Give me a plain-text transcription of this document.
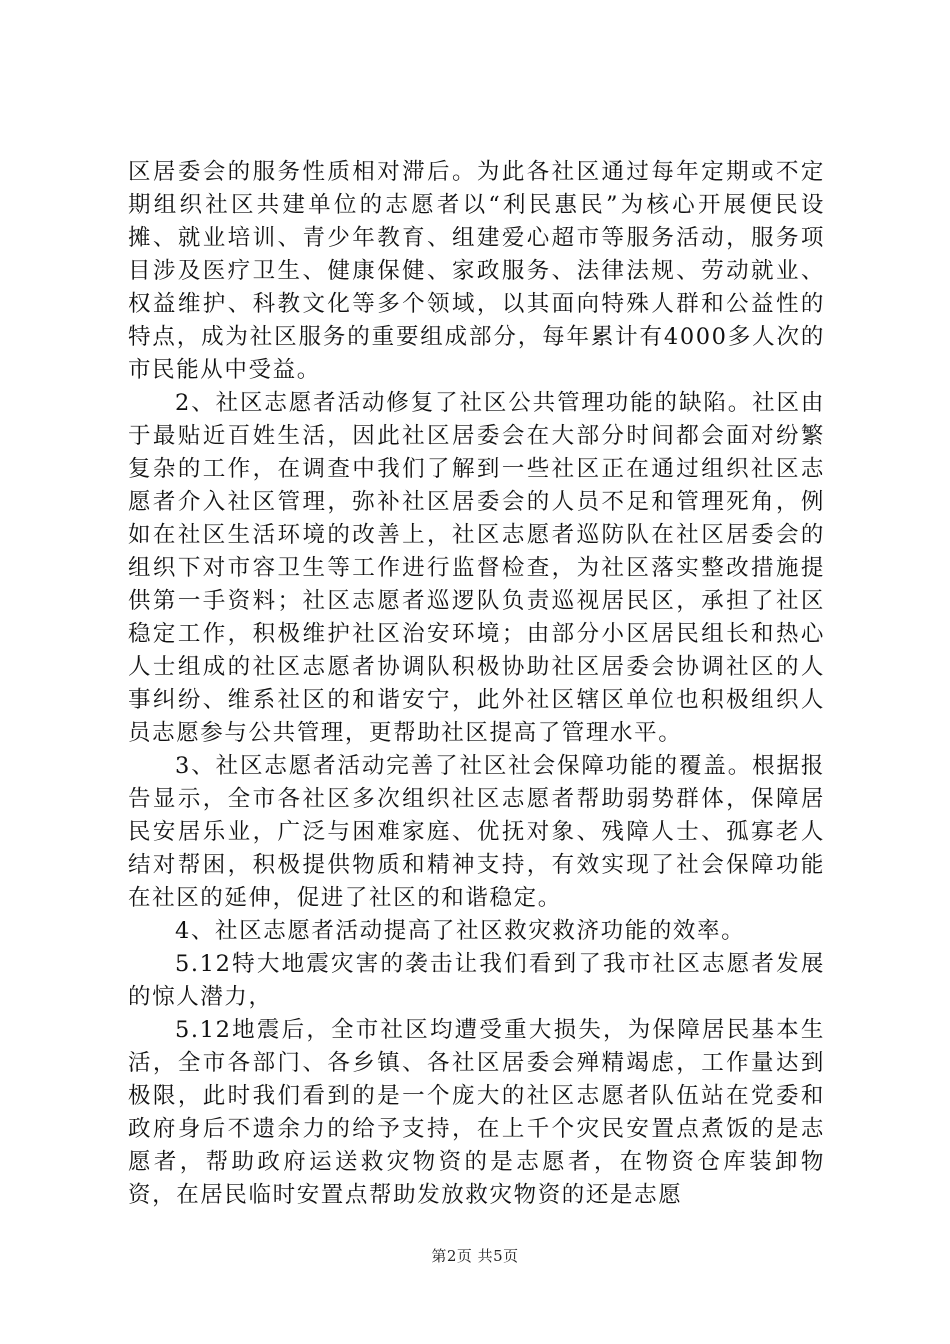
区居委会的服务性质相对滞后。为此各社区通过每年定期或不定期组织社区共建单位的志愿者以“利民惠民”为核心开展便民设摊、就业培训、青少年教育、组建爱心超市等服务活动，服务项目涉及医疗卫生、健康保健、家政服务、法律法规、劳动就业、权益维护、科教文化等多个领域，以其面向特殊人群和公益性的特点，成为社区服务的重要组成部分，每年累计有4000多人次的市民能从中受益。

2、社区志愿者活动修复了社区公共管理功能的缺陷。社区由于最贴近百姓生活，因此社区居委会在大部分时间都会面对纷繁复杂的工作，在调查中我们了解到一些社区正在通过组织社区志愿者介入社区管理，弥补社区居委会的人员不足和管理死角，例如在社区生活环境的改善上，社区志愿者巡防队在社区居委会的组织下对市容卫生等工作进行监督检查，为社区落实整改措施提供第一手资料；社区志愿者巡逻队负责巡视居民区，承担了社区稳定工作，积极维护社区治安环境；由部分小区居民组长和热心人士组成的社区志愿者协调队积极协助社区居委会协调社区的人事纠纷、维系社区的和谐安宁，此外社区辖区单位也积极组织人员志愿参与公共管理，更帮助社区提高了管理水平。

3、社区志愿者活动完善了社区社会保障功能的覆盖。根据报告显示，全市各社区多次组织社区志愿者帮助弱势群体，保障居民安居乐业，广泛与困难家庭、优抚对象、残障人士、孤寡老人结对帮困，积极提供物质和精神支持，有效实现了社会保障功能在社区的延伸，促进了社区的和谐稳定。

4、社区志愿者活动提高了社区救灾救济功能的效率。

5.12特大地震灾害的袭击让我们看到了我市社区志愿者发展的惊人潜力，

5.12地震后，全市社区均遭受重大损失，为保障居民基本生活，全市各部门、各乡镇、各社区居委会殚精竭虑，工作量达到极限，此时我们看到的是一个庞大的社区志愿者队伍站在党委和政府身后不遗余力的给予支持，在上千个灾民安置点煮饭的是志愿者，帮助政府运送救灾物资的是志愿者，在物资仓库装卸物资，在居民临时安置点帮助发放救灾物资的还是志愿

第2页 共5页
